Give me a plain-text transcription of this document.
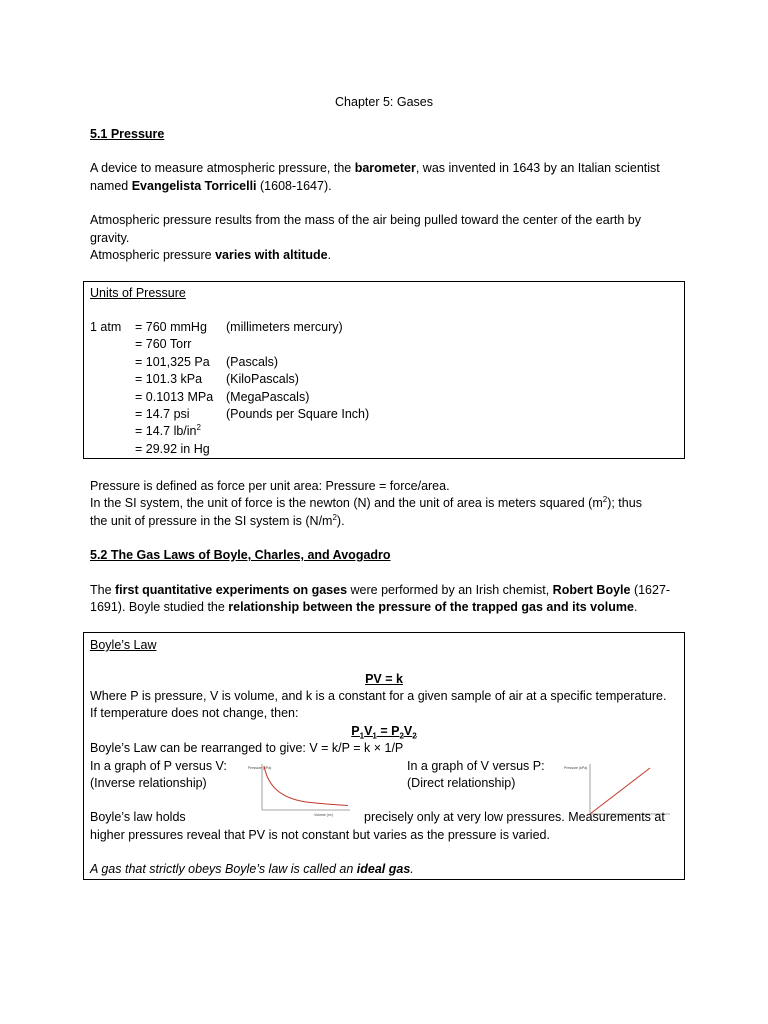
Chapter 5: Gases
5.1 Pressure
A device to measure atmospheric pressure, the barometer, was invented in 1643 by an Italian scientist
named Evangelista Torricelli (1608-1647).
Atmospheric pressure results from the mass of the air being pulled toward the center of the earth by
gravity.
Atmospheric pressure varies with altitude.
Units of Pressure
1 atm = 760 mmHg (millimeters mercury)
= 760 Torr
= 101,325 Pa (Pascals)
= 101.3 kPa (KiloPascals)
= 0.1013 MPa (MegaPascals)
= 14.7 psi	(Pounds per Square Inch)
= 14.7 $lb/in^2$
= 29.92 in Hg
Pressure is defined as force per unit area: Pressure = force/area.
In the SI system, the unit of force is the newton (N) and the unit of area is meters squared $(m^2)$; thus
the unit of pressure in the SI system is $(N/m^2)$.
5.2 The Gas Laws of Boyle, Charles, and Avogadro
The first quantitative experiments on gases were performed by an Irish chemist, Robert Boyle (1627-
1691). Boyle studied the relationship between the pressure of the trapped gas and its volume.
Boyle’s Law
PV = k
Where P is pressure, V is volume, and k is a constant for a given sample of air at a specific temperature.
If temperature does not change, then:
$P_1V_1 = P_2V_2$
Boyle’s Law can be rearranged to give: V = k/P = k × 1/P
In a graph of P versus V:
(Inverse relationship)
In a graph of V versus P:
(Direct relationship)
Pressure (kPa)
Volume (m³)
Pressure (kPa)
Boyle’s law holds	precisely only at very low pressures. Measurements at
higher pressures reveal that PV is not constant but varies as the pressure is varied.
A gas that strictly obeys Boyle’s law is called an ideal gas.
